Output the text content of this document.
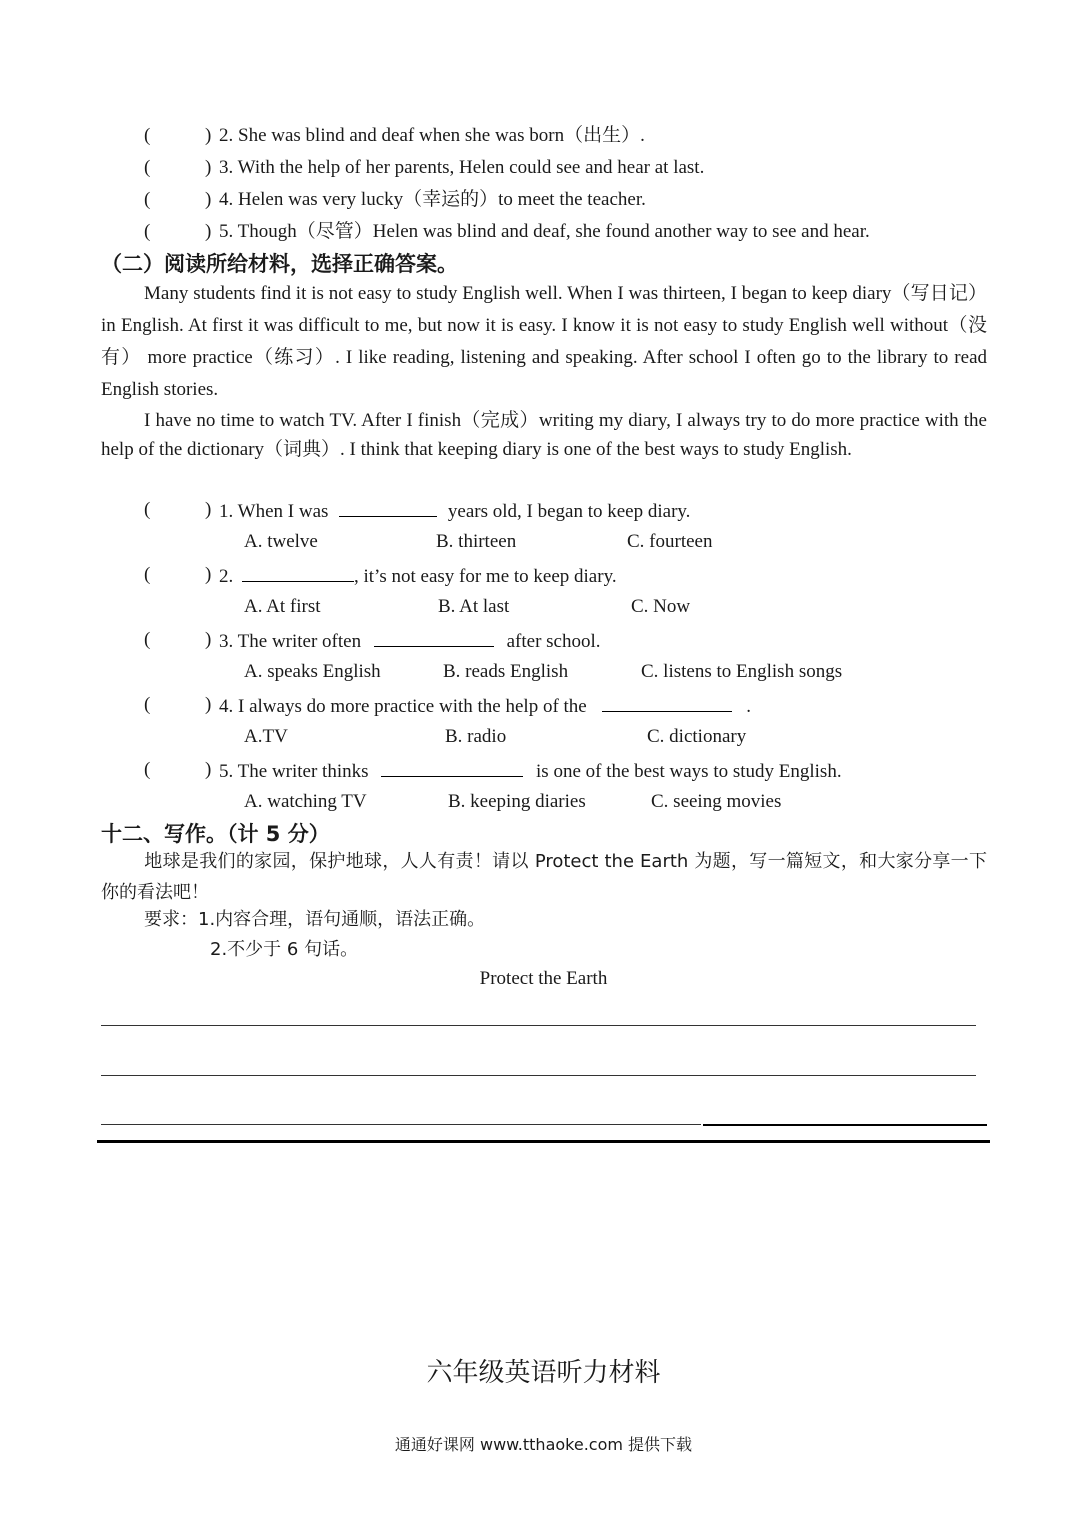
(	) 2. She was blind and deaf when she was born（出生）.
(	) 3. With the help of her parents, Helen could see and hear at last.
(	) 4. Helen was very lucky（幸运的）to meet the teacher.
(	) 5. Though（尽管）Helen was blind and deaf, she found another way to see and hear.
（二）阅读所给材料，选择正确答案。
Many students find it is not easy to study English well. When I was thirteen, I began to keep diary（写日记） in English. At first it was difficult to me, but now it is easy. I know it is not easy to study English well without（没有） more practice（练习）. I like reading, listening and speaking. After school I often go to the library to read English stories.
I have no time to watch TV. After I finish（完成）writing my diary, I always try to do more practice with the help of the dictionary（词典）. I think that keeping diary is one of the best ways to study English.
(	) 1. When I was	years old, I began to keep diary.
A. twelve	B. thirteen	C. fourteen
(	) 2.	, it’s not easy for me to keep diary.
A. At first	B. At last	C. Now
(	) 3. The writer often	after school.
A. speaks English	B. reads English	C. listens to English songs
(	) 4. I always do more practice with the help of the	.
A.TV	B. radio	C. dictionary
(	) 5. The writer thinks	is one of the best ways to study English.
A. watching TV	B. keeping diaries	C. seeing movies
十二、写作。（计 5 分）
地球是我们的家园，保护地球，人人有责！请以 Protect the Earth 为题，写一篇短文，和大家分享一下你的看法吧！
要求：1.内容合理，语句通顺，语法正确。
2.不少于 6 句话。
Protect the Earth
六年级英语听力材料
通通好课网 www.tthaoke.com 提供下载
